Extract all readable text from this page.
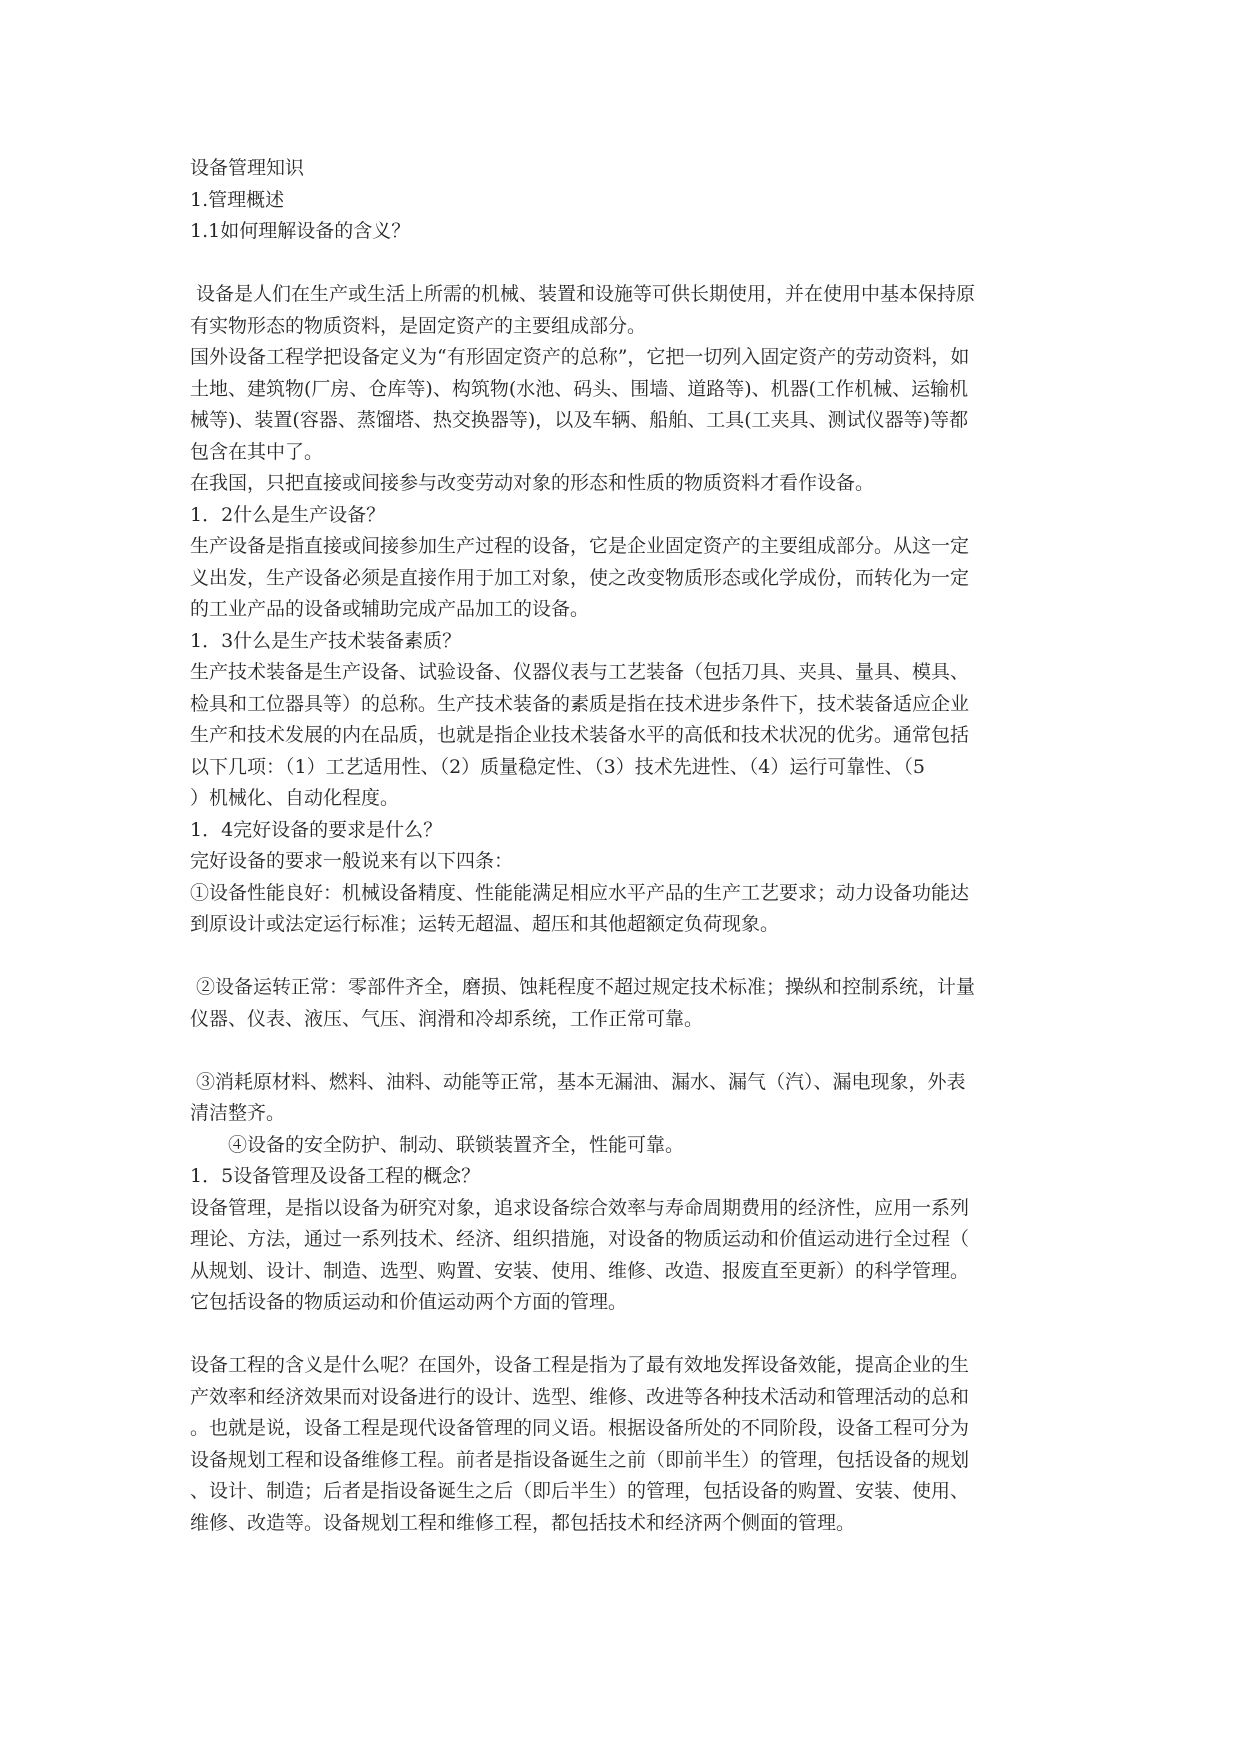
设备管理知识
1.管理概述
1.1如何理解设备的含义？
设备是人们在生产或生活上所需的机械、装置和设施等可供长期使用，并在使用中基本保持原
有实物形态的物质资料，是固定资产的主要组成部分。
国外设备工程学把设备定义为“有形固定资产的总称”，它把一切列入固定资产的劳动资料，如
土地、建筑物(厂房、仓库等)、构筑物(水池、码头、围墙、道路等)、机器(工作机械、运输机
械等)、装置(容器、蒸馏塔、热交换器等)，以及车辆、船舶、工具(工夹具、测试仪器等)等都
包含在其中了。
在我国，只把直接或间接参与改变劳动对象的形态和性质的物质资料才看作设备。
1．2什么是生产设备？
生产设备是指直接或间接参加生产过程的设备，它是企业固定资产的主要组成部分。从这一定
义出发，生产设备必须是直接作用于加工对象，使之改变物质形态或化学成份，而转化为一定
的工业产品的设备或辅助完成产品加工的设备。
1．3什么是生产技术装备素质？
生产技术装备是生产设备、试验设备、仪器仪表与工艺装备（包括刀具、夹具、量具、模具、
检具和工位器具等）的总称。生产技术装备的素质是指在技术进步条件下，技术装备适应企业
生产和技术发展的内在品质，也就是指企业技术装备水平的高低和技术状况的优劣。通常包括
以下几项：（1）工艺适用性、（2）质量稳定性、（3）技术先进性、（4）运行可靠性、（5
）机械化、自动化程度。
1．4完好设备的要求是什么？
完好设备的要求一般说来有以下四条：
①设备性能良好：机械设备精度、性能能满足相应水平产品的生产工艺要求；动力设备功能达
到原设计或法定运行标准；运转无超温、超压和其他超额定负荷现象。
②设备运转正常：零部件齐全，磨损、蚀耗程度不超过规定技术标准；操纵和控制系统，计量
仪器、仪表、液压、气压、润滑和冷却系统，工作正常可靠。
③消耗原材料、燃料、油料、动能等正常，基本无漏油、漏水、漏气（汽）、漏电现象，外表
清洁整齐。
④设备的安全防护、制动、联锁装置齐全，性能可靠。
1．5设备管理及设备工程的概念？
设备管理，是指以设备为研究对象，追求设备综合效率与寿命周期费用的经济性，应用一系列
理论、方法，通过一系列技术、经济、组织措施，对设备的物质运动和价值运动进行全过程（
从规划、设计、制造、选型、购置、安装、使用、维修、改造、报废直至更新）的科学管理。
它包括设备的物质运动和价值运动两个方面的管理。
设备工程的含义是什么呢？在国外，设备工程是指为了最有效地发挥设备效能，提高企业的生
产效率和经济效果而对设备进行的设计、选型、维修、改进等各种技术活动和管理活动的总和
。也就是说，设备工程是现代设备管理的同义语。根据设备所处的不同阶段，设备工程可分为
设备规划工程和设备维修工程。前者是指设备诞生之前（即前半生）的管理，包括设备的规划
、设计、制造；后者是指设备诞生之后（即后半生）的管理，包括设备的购置、安装、使用、
维修、改造等。设备规划工程和维修工程，都包括技术和经济两个侧面的管理。
